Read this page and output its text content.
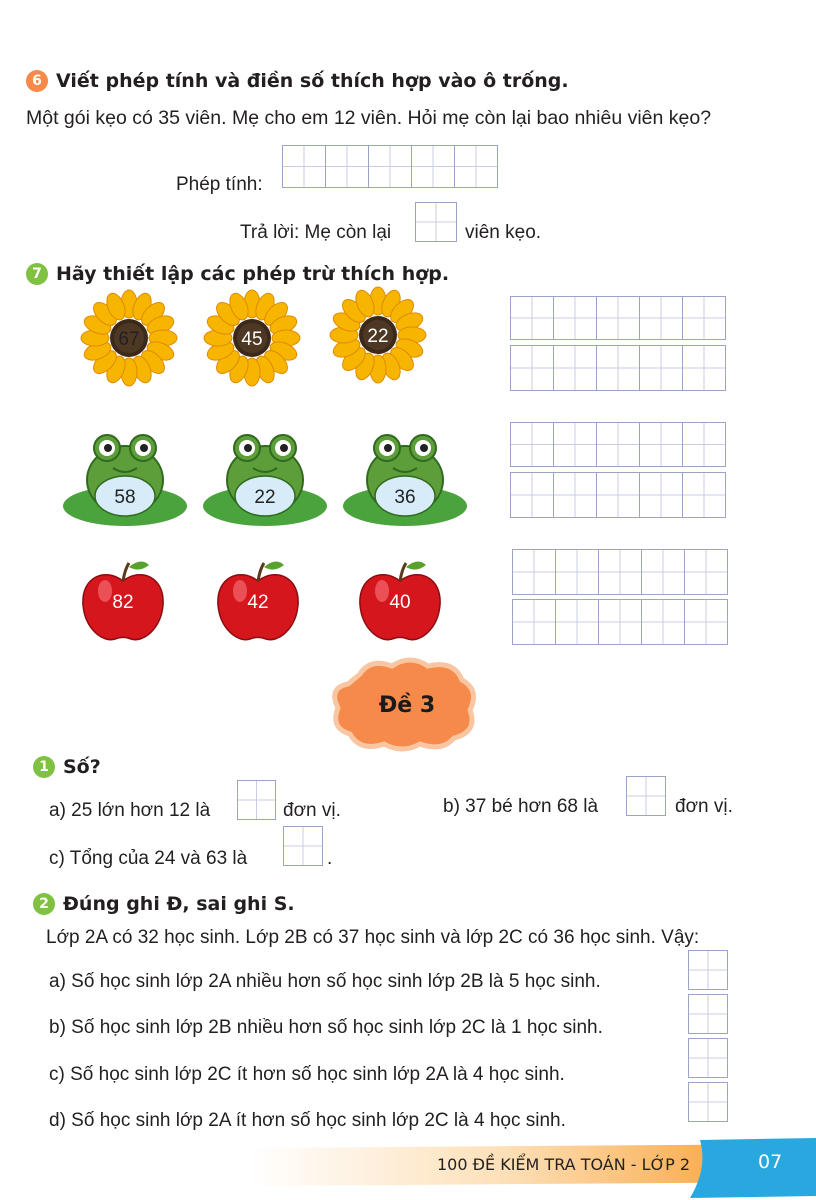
6 Viết phép tính và điền số thích hợp vào ô trống.
Một gói kẹo có 35 viên. Mẹ cho em 12 viên. Hỏi mẹ còn lại bao nhiêu viên kẹo?
Phép tính:
Trả lời: Mẹ còn lại	viên kẹo.
7 Hãy thiết lập các phép trừ thích hợp.
67	45	22
58	22	36
82	42	40
Đề 3
1 Số?
a) 25 lớn hơn 12 là	đơn vị.	b) 37 bé hơn 68 là	đơn vị.
c) Tổng của 24 và 63 là	.
2 Đúng ghi Đ, sai ghi S.
Lớp 2A có 32 học sinh. Lớp 2B có 37 học sinh và lớp 2C có 36 học sinh. Vậy:
a) Số học sinh lớp 2A nhiều hơn số học sinh lớp 2B là 5 học sinh.
b) Số học sinh lớp 2B nhiều hơn số học sinh lớp 2C là 1 học sinh.
c) Số học sinh lớp 2C ít hơn số học sinh lớp 2A là 4 học sinh.
d) Số học sinh lớp 2A ít hơn số học sinh lớp 2C là 4 học sinh.
100 ĐỀ KIỂM TRA TOÁN - LỚP 2	07
